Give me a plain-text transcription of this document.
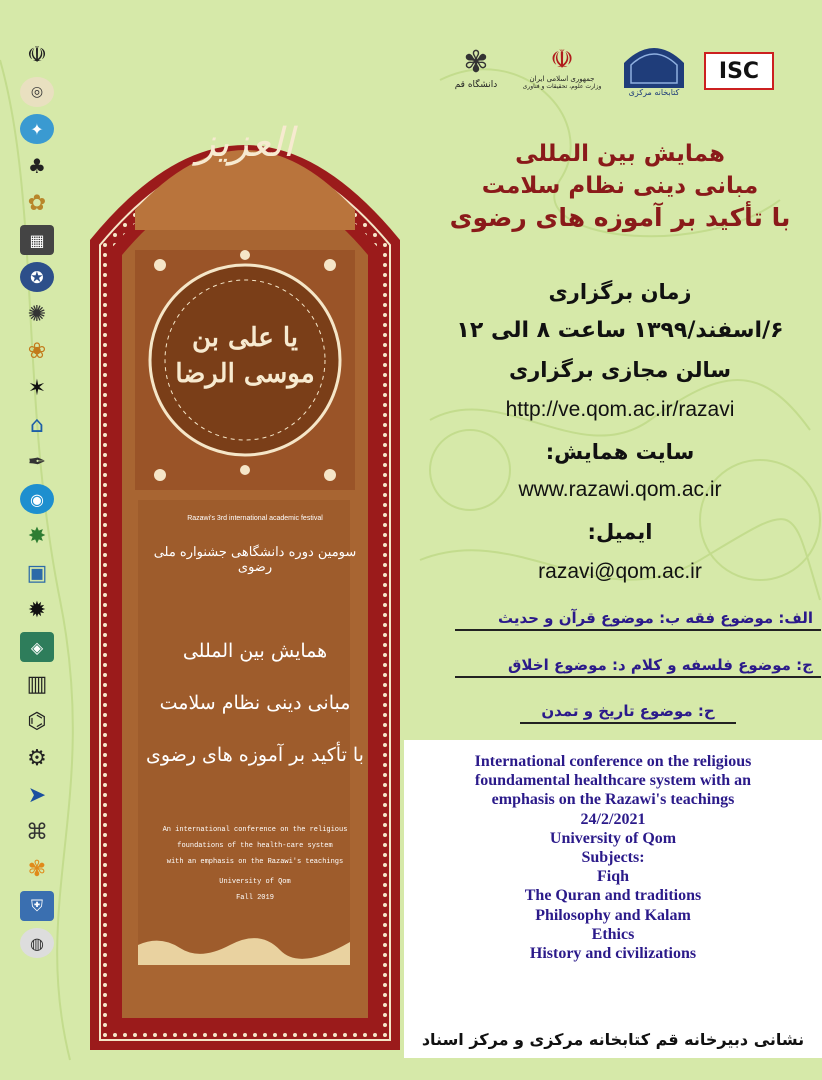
☫
◎
✦
♣
✿
▦
✪
✺
❀
✶
⌂
✒
◉
✸
▣
✹
◈
▥
⌬
⚙
➤
⌘
✾
⛨
◍
العزیز
یا علی بن موسی الرضا
Razawi's 3rd international academic festival
سومین دوره دانشگاهی جشنواره ملی رضوی
همایش بین المللی
مبانی دینی نظام سلامت
با تأکید بر آموزه های رضوی
An international conference on the religious
foundations of the health-care system
with an emphasis on the Razawi's teachings
University of Qom
Fall 2019
ISC
کتابخانه مرکزی
☫
جمهوری اسلامی ایران
وزارت علوم، تحقیقات و فناوری
✾
دانشگاه قم
همایش بین المللی
مبانی دینی نظام سلامت
با تأکید بر آموزه های رضوی
زمان برگزاری
۶/اسفند/۱۳۹۹ ساعت ۸ الی ۱۲
سالن مجازی برگزاری
http://ve.qom.ac.ir/razavi
سایت همایش:
www.razawi.qom.ac.ir
ایمیل:
razavi@qom.ac.ir
الف: موضوع فقه ب: موضوع قرآن و حدیث
ج: موضوع فلسفه و کلام د: موضوع اخلاق
ح: موضوع تاریخ و تمدن
International conference on the religious
foundamental healthcare system with an
emphasis on the Razawi's teachings
24/2/2021
University of Qom
Subjects:
Fiqh
The Quran and traditions
Philosophy and Kalam
Ethics
History and civilizations
نشانی دبیرخانه قم کتابخانه مرکزی و مرکز اسناد
